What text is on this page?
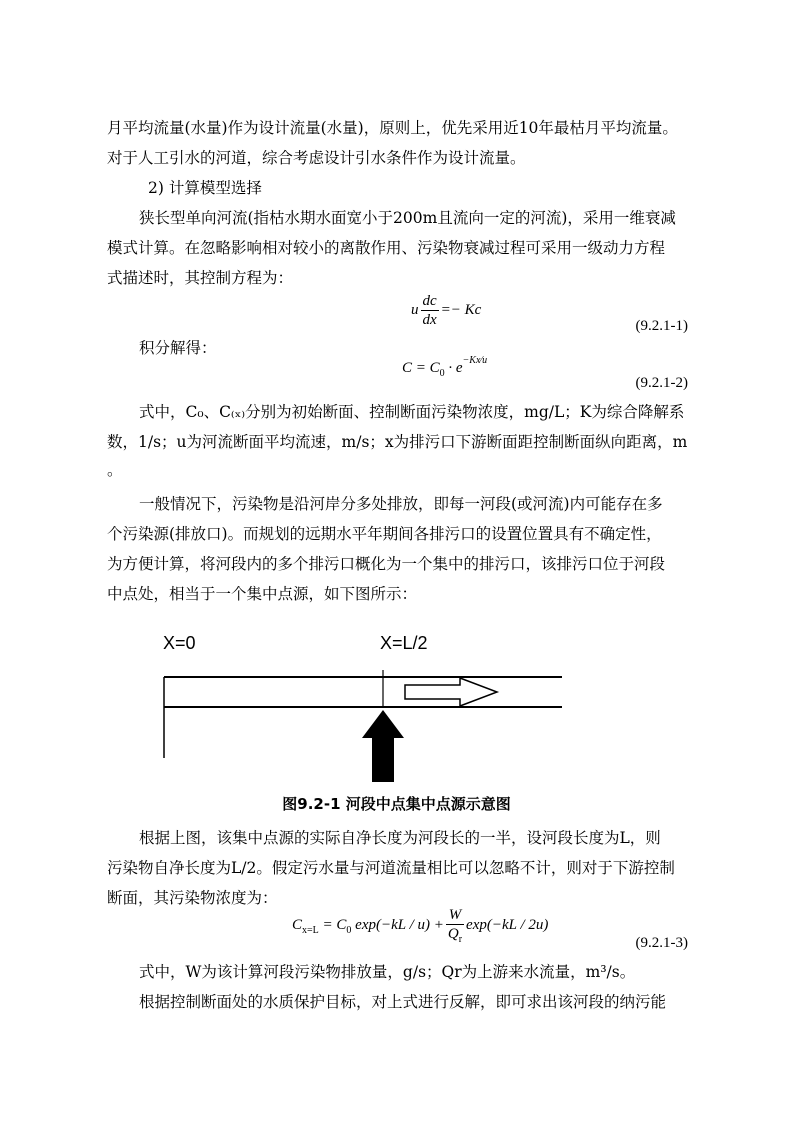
月平均流量(水量)作为设计流量(水量)，原则上，优先采用近10年最枯月平均流量。
对于人工引水的河道，综合考虑设计引水条件作为设计流量。
2) 计算模型选择
狭长型单向河流(指枯水期水面宽小于200m且流向一定的河流)，采用一维衰减
模式计算。在忽略影响相对较小的离散作用、污染物衰减过程可采用一级动力方程
式描述时，其控制方程为：
u $\frac{dc}{dx} =- Kc$
(9.2.1-1)
积分解得：
$C = C_0 \cdot e^{-Kx⁄u}$
(9.2.1-2)
式中，C₀、C₍ₓ₎分别为初始断面、控制断面污染物浓度，mg/L；K为综合降解系
数，1/s；u为河流断面平均流速，m/s；x为排污口下游断面距控制断面纵向距离，m
。
一般情况下，污染物是沿河岸分多处排放，即每一河段(或河流)内可能存在多
个污染源(排放口)。而规划的远期水平年期间各排污口的设置位置具有不确定性，
为方便计算，将河段内的多个排污口概化为一个集中的排污口，该排污口位于河段
中点处，相当于一个集中点源，如下图所示：
X=0	X=L/2
图9.2-1 河段中点集中点源示意图
根据上图，该集中点源的实际自净长度为河段长的一半，设河段长度为L，则
污染物自净长度为L/2。假定污水量与河道流量相比可以忽略不计，则对于下游控制
断面，其污染物浓度为：
$C_{x=L} = C_0$ $\exp(-kL / u) + \frac{W}{Q_r} \exp(-kL / 2u)$
(9.2.1-3)
式中，W为该计算河段污染物排放量，g/s；Qr为上游来水流量，m³/s。
根据控制断面处的水质保护目标，对上式进行反解，即可求出该河段的纳污能
